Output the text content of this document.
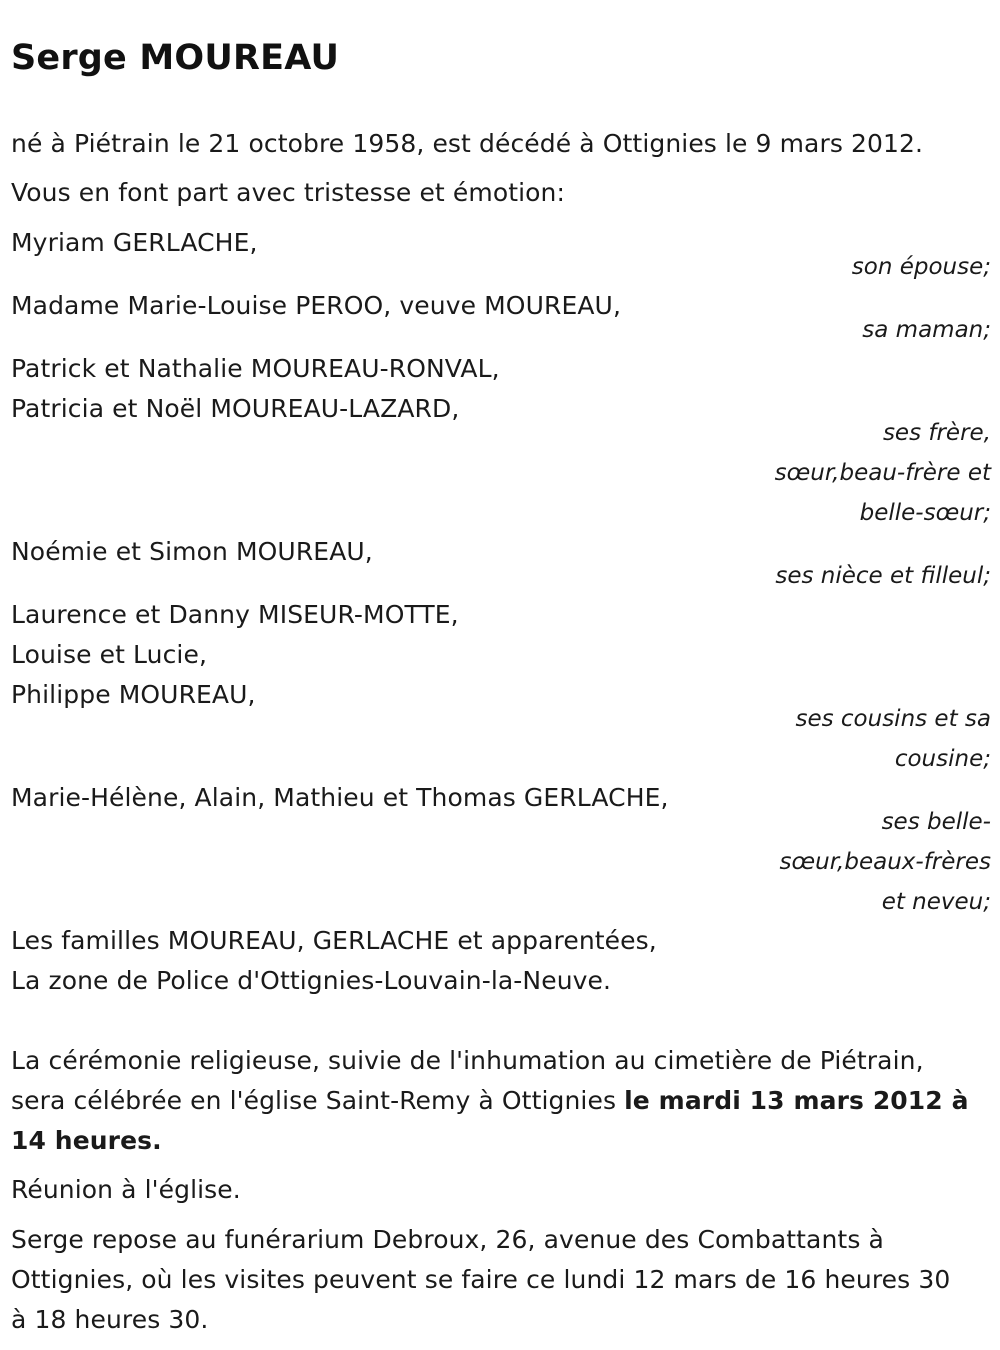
Serge MOUREAU
né à Piétrain le 21 octobre 1958, est décédé à Ottignies le 9 mars 2012.
Vous en font part avec tristesse et émotion:
Myriam GERLACHE,
son épouse;
Madame Marie-Louise PEROO, veuve MOUREAU,
sa maman;
Patrick et Nathalie MOUREAU-RONVAL,
Patricia et Noël MOUREAU-LAZARD,
ses frère,
sœur,beau-frère et
belle-sœur;
Noémie et Simon MOUREAU,
ses nièce et filleul;
Laurence et Danny MISEUR-MOTTE,
Louise et Lucie,
Philippe MOUREAU,
ses cousins et sa
cousine;
Marie-Hélène, Alain, Mathieu et Thomas GERLACHE,
ses belle-
sœur,beaux-frères
et neveu;
Les familles MOUREAU, GERLACHE et apparentées,
La zone de Police d'Ottignies-Louvain-la-Neuve.
La cérémonie religieuse, suivie de l'inhumation au cimetière de Piétrain,
sera célébrée en l'église Saint-Remy à Ottignies le mardi 13 mars 2012 à
14 heures.
Réunion à l'église.
Serge repose au funérarium Debroux, 26, avenue des Combattants à
Ottignies, où les visites peuvent se faire ce lundi 12 mars de 16 heures 30
à 18 heures 30.
